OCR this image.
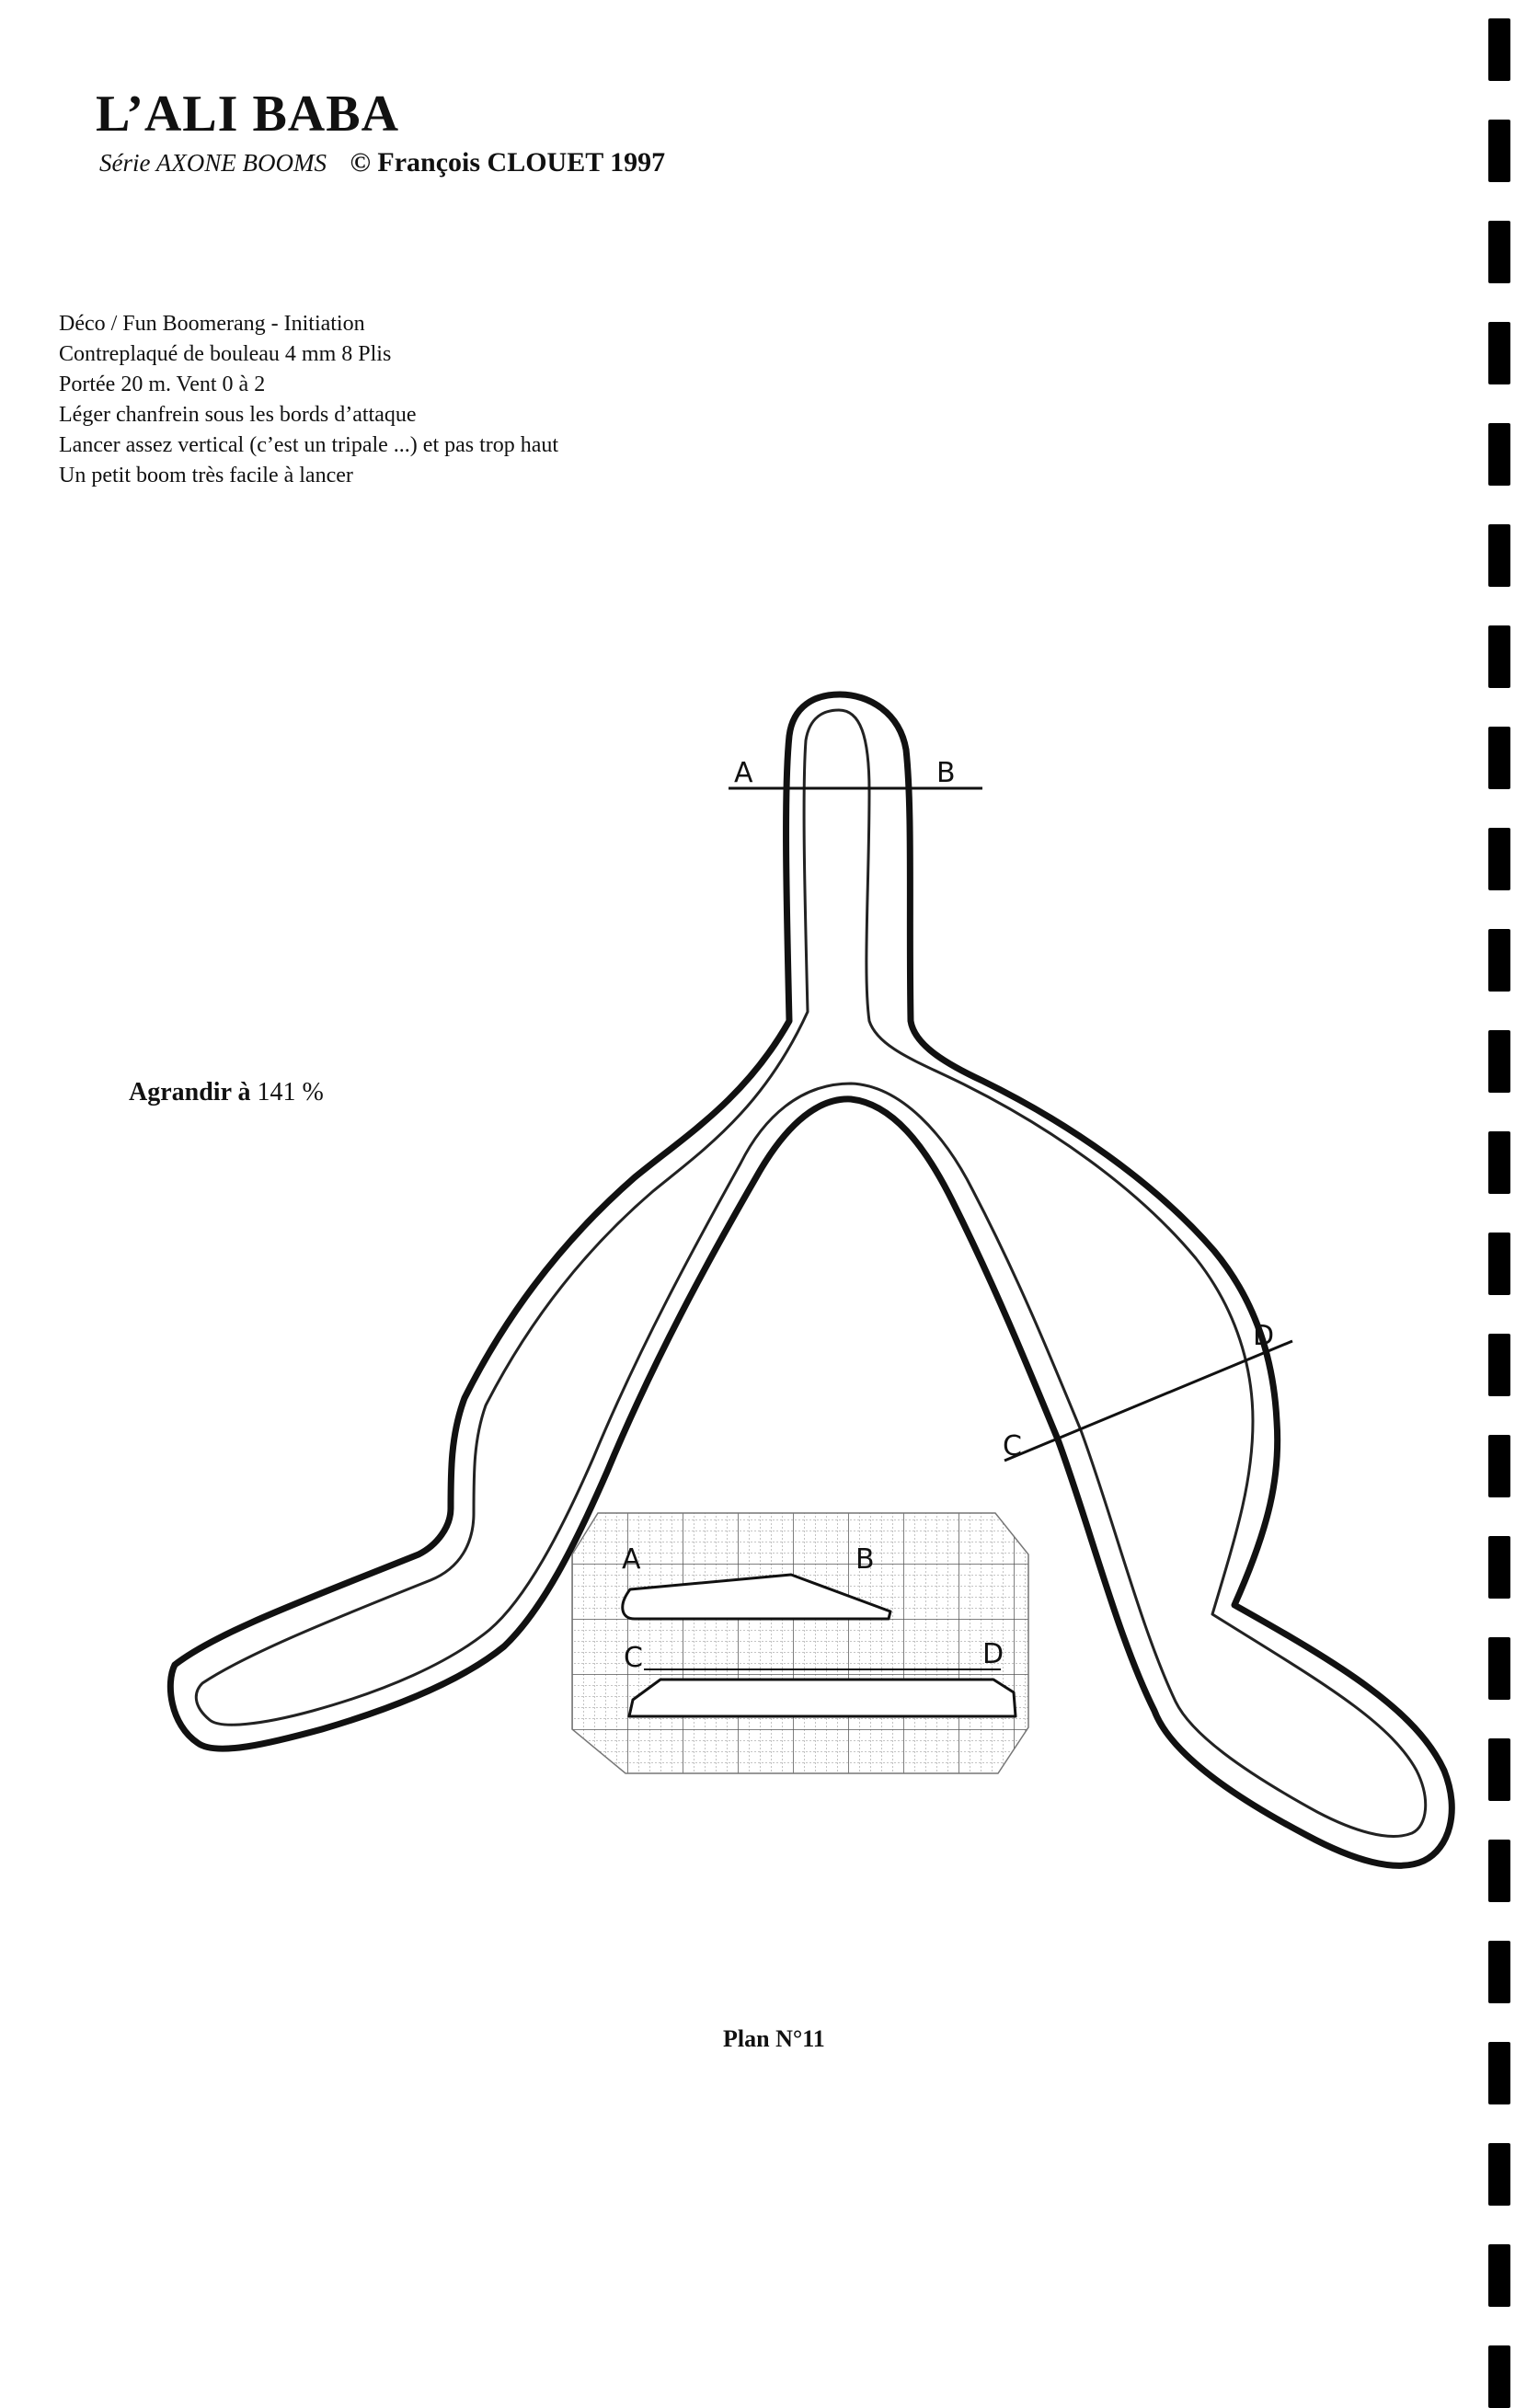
L’ALI BABA
Série AXONE BOOMS © François CLOUET 1997
Déco / Fun Boomerang - Initiation
Contreplaqué de bouleau 4 mm 8 Plis
Portée 20 m. Vent 0 à 2
Léger chanfrein sous les bords d’attaque
Lancer assez vertical (c’est un tripale ...) et pas trop haut
Un petit boom très facile à lancer
Agrandir à 141 %
A	B
C
D
A	B
C	D
Plan N°11
